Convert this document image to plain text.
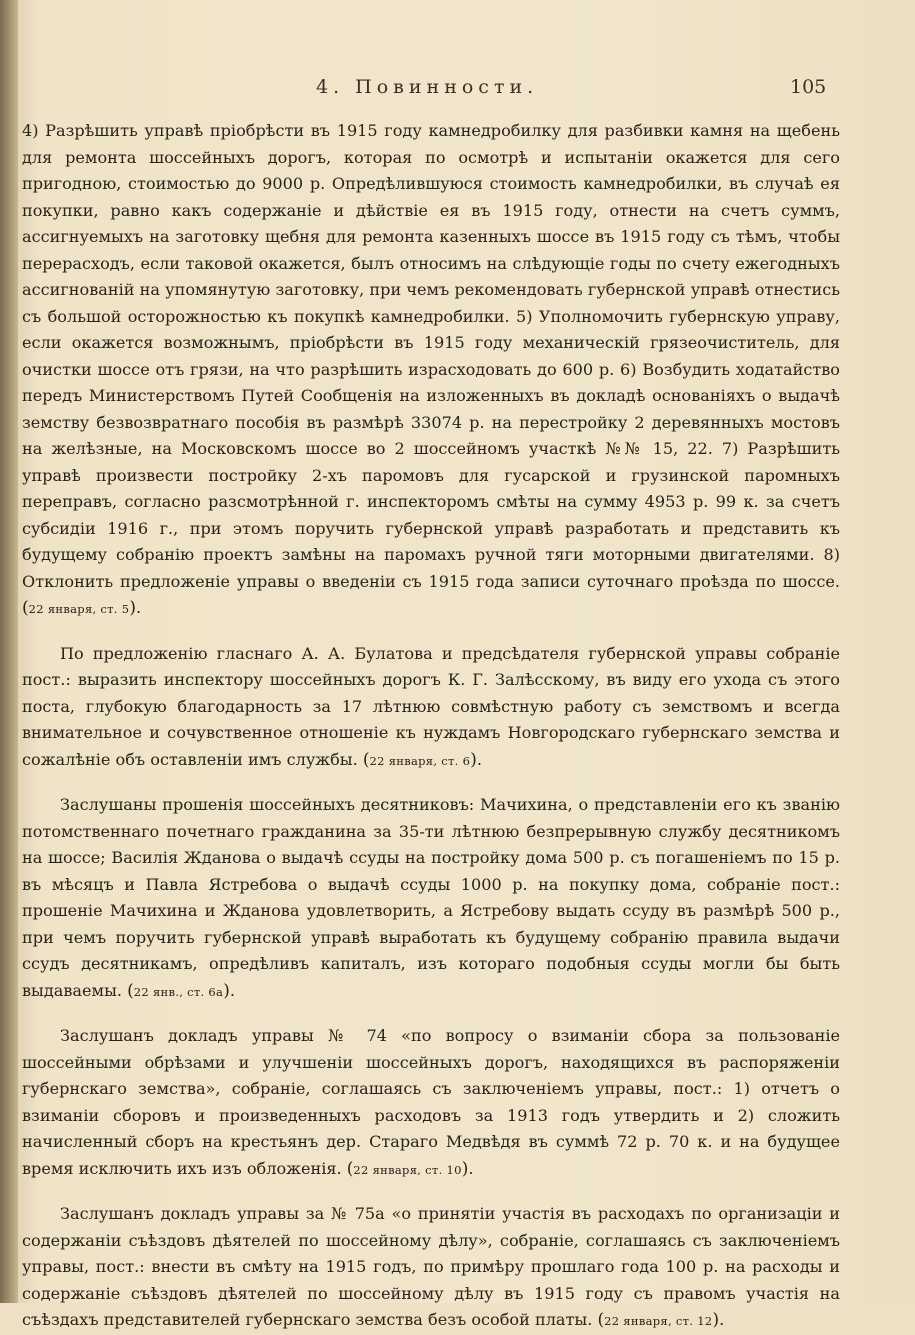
4. Повинности.	105

4) Разрѣшить управѣ пріобрѣсти въ 1915 году камнедробилку для разбивки камня на щебень для ремонта шоссейныхъ дорогъ, которая по осмотрѣ и испытаніи окажется для сего пригодною, стоимостью до 9000 р. Опредѣлившуюся стоимость камнедробилки, въ случаѣ ея покупки, равно какъ содержаніе и дѣйствіе ея въ 1915 году, отнести на счетъ суммъ, ассигнуемыхъ на заготовку щебня для ремонта казенныхъ шоссе въ 1915 году съ тѣмъ, чтобы перерасходъ, если таковой окажется, былъ относимъ на слѣдующіе годы по счету ежегодныхъ ассигнованій на упомянутую заготовку, при чемъ рекомендовать губернской управѣ отнестись съ большой осторожностью къ покупкѣ камнедробилки. 5) Уполномочить губернскую управу, если окажется возможнымъ, пріобрѣсти въ 1915 году механическій грязеочиститель, для очистки шоссе отъ грязи, на что разрѣшить израсходовать до 600 р. 6) Возбудить ходатайство передъ Министерствомъ Путей Сообщенія на изложенныхъ въ докладѣ основаніяхъ о выдачѣ земству безвозвратнаго пособія въ размѣрѣ 33074 р. на перестройку 2 деревянныхъ мостовъ на желѣзные, на Московскомъ шоссе во 2 шоссейномъ участкѣ №№ 15, 22. 7) Разрѣшить управѣ произвести постройку 2-хъ паромовъ для гусарской и грузинской паромныхъ переправъ, согласно разсмотрѣнной г. инспекторомъ смѣты на сумму 4953 р. 99 к. за счетъ субсидіи 1916 г., при этомъ поручить губернской управѣ разработать и представить къ будущему собранію проектъ замѣны на паромахъ ручной тяги моторными двигателями. 8) Отклонить предложеніе управы о введеніи съ 1915 года записи суточнаго проѣзда по шоссе. (22 января, ст. 5).

По предложенію гласнаго А. А. Булатова и предсѣдателя губернской управы собраніе пост.: выразить инспектору шоссейныхъ дорогъ К. Г. Залѣсскому, въ виду его ухода съ этого поста, глубокую благодарность за 17 лѣтнюю совмѣстную работу съ земствомъ и всегда внимательное и сочувственное отношеніе къ нуждамъ Новгородскаго губернскаго земства и сожалѣніе объ оставленіи имъ службы. (22 января, ст. 6).

Заслушаны прошенія шоссейныхъ десятниковъ: Мачихина, о представленіи его къ званію потомственнаго почетнаго гражданина за 35-ти лѣтнюю безпрерывную службу десятникомъ на шоссе; Василія Жданова о выдачѣ ссуды на постройку дома 500 р. съ погашеніемъ по 15 р. въ мѣсяцъ и Павла Ястребова о выдачѣ ссуды 1000 р. на покупку дома, собраніе пост.: прошеніе Мачихина и Жданова удовлетворить, а Ястребову выдать ссуду въ размѣрѣ 500 р., при чемъ поручить губернской управѣ выработать къ будущему собранію правила выдачи ссудъ десятникамъ, опредѣливъ капиталъ, изъ котораго подобныя ссуды могли бы быть выдаваемы. (22 янв., ст. 6а).

Заслушанъ докладъ управы № 74 «по вопросу о взиманіи сбора за пользованіе шоссейными обрѣзами и улучшеніи шоссейныхъ дорогъ, находящихся въ распоряженіи губернскаго земства», собраніе, соглашаясь съ заключеніемъ управы, пост.: 1) отчетъ о взиманіи сборовъ и произведенныхъ расходовъ за 1913 годъ утвердить и 2) сложить начисленный сборъ на крестьянъ дер. Стараго Медвѣдя въ суммѣ 72 р. 70 к. и на будущее время исключить ихъ изъ обложенія. (22 января, ст. 10).

Заслушанъ докладъ управы за № 75а «о принятіи участія въ расходахъ по организаціи и содержаніи съѣздовъ дѣятелей по шоссейному дѣлу», собраніе, соглашаясь съ заключеніемъ управы, пост.: внести въ смѣту на 1915 годъ, по примѣру прошлаго года 100 р. на расходы и содержаніе съѣздовъ дѣятелей по шоссейному дѣлу въ 1915 году съ правомъ участія на съѣздахъ представителей губернскаго земства безъ особой платы. (22 января, ст. 12).
